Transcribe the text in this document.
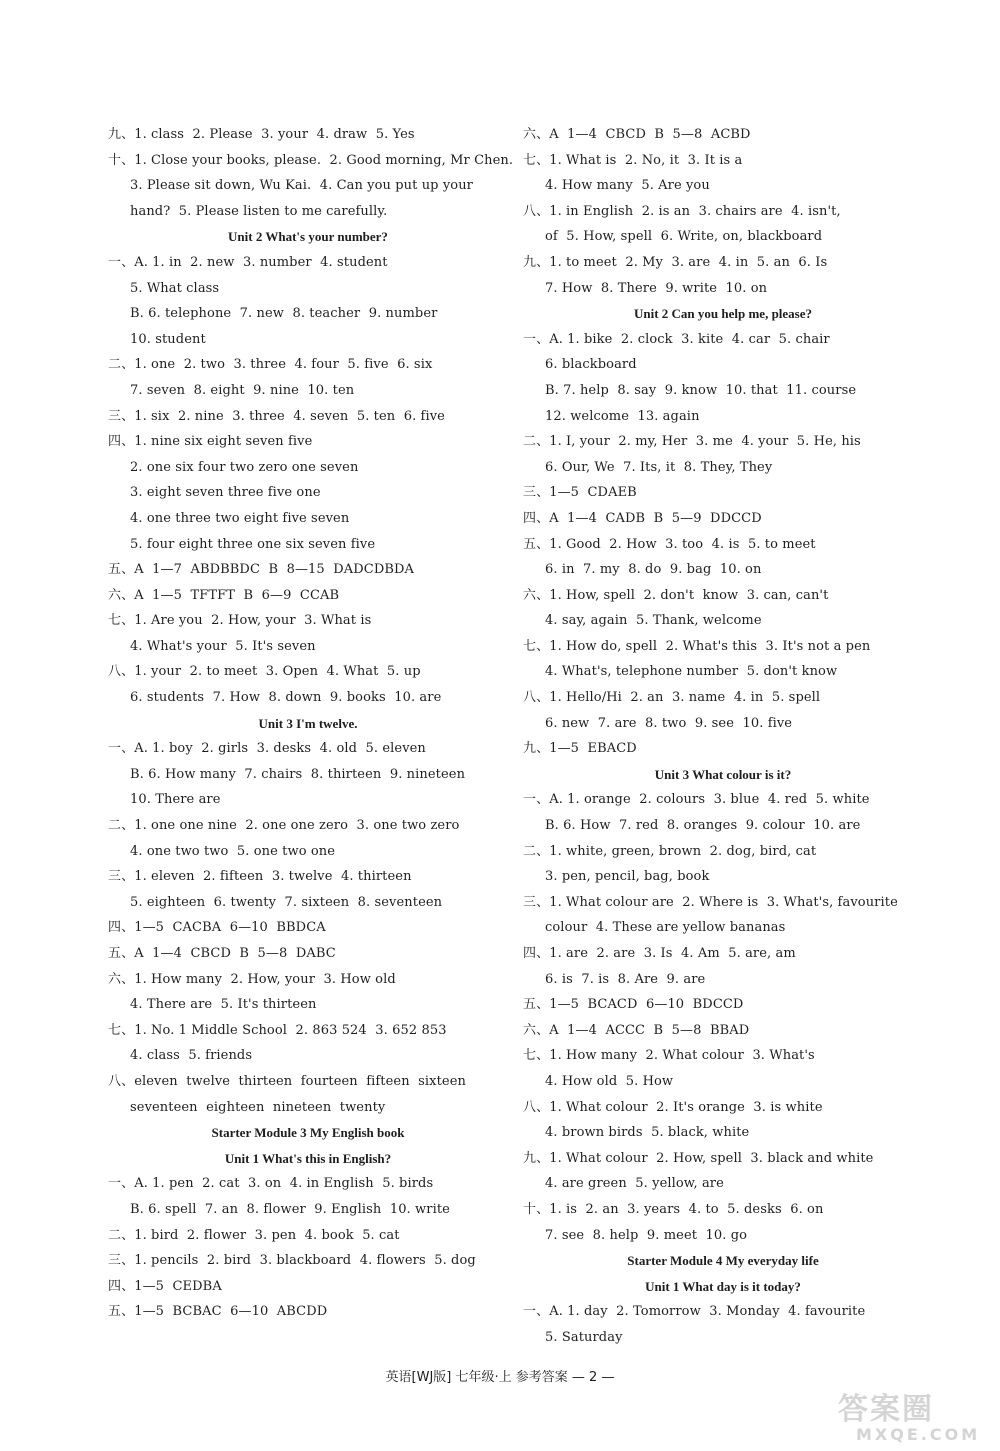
九、1. class  2. Please  3. your  4. draw  5. Yes
十、1. Close your books, please.  2. Good morning, Mr Chen.
3. Please sit down, Wu Kai.  4. Can you put up your
hand?  5. Please listen to me carefully.
Unit 2 What's your number?
一、A. 1. in  2. new  3. number  4. student
5. What class
B. 6. telephone  7. new  8. teacher  9. number
10. student
二、1. one  2. two  3. three  4. four  5. five  6. six
7. seven  8. eight  9. nine  10. ten
三、1. six  2. nine  3. three  4. seven  5. ten  6. five
四、1. nine six eight seven five
2. one six four two zero one seven
3. eight seven three five one
4. one three two eight five seven
5. four eight three one six seven five
五、A  1—7  ABDBBDC  B  8—15  DADCDBDA
六、A  1—5  TFTFT  B  6—9  CCAB
七、1. Are you  2. How, your  3. What is
4. What's your  5. It's seven
八、1. your  2. to meet  3. Open  4. What  5. up
6. students  7. How  8. down  9. books  10. are
Unit 3 I'm twelve.
一、A. 1. boy  2. girls  3. desks  4. old  5. eleven
B. 6. How many  7. chairs  8. thirteen  9. nineteen
10. There are
二、1. one one nine  2. one one zero  3. one two zero
4. one two two  5. one two one
三、1. eleven  2. fifteen  3. twelve  4. thirteen
5. eighteen  6. twenty  7. sixteen  8. seventeen
四、1—5  CACBA  6—10  BBDCA
五、A  1—4  CBCD  B  5—8  DABC
六、1. How many  2. How, your  3. How old
4. There are  5. It's thirteen
七、1. No. 1 Middle School  2. 863 524  3. 652 853
4. class  5. friends
八、eleven  twelve  thirteen  fourteen  fifteen  sixteen
seventeen  eighteen  nineteen  twenty
Starter Module 3 My English book
Unit 1 What's this in English?
一、A. 1. pen  2. cat  3. on  4. in English  5. birds
B. 6. spell  7. an  8. flower  9. English  10. write
二、1. bird  2. flower  3. pen  4. book  5. cat
三、1. pencils  2. bird  3. blackboard  4. flowers  5. dog
四、1—5  CEDBA
五、1—5  BCBAC  6—10  ABCDD
六、A  1—4  CBCD  B  5—8  ACBD
七、1. What is  2. No, it  3. It is a
4. How many  5. Are you
八、1. in English  2. is an  3. chairs are  4. isn't,
of  5. How, spell  6. Write, on, blackboard
九、1. to meet  2. My  3. are  4. in  5. an  6. Is
7. How  8. There  9. write  10. on
Unit 2 Can you help me, please?
一、A. 1. bike  2. clock  3. kite  4. car  5. chair
6. blackboard
B. 7. help  8. say  9. know  10. that  11. course
12. welcome  13. again
二、1. I, your  2. my, Her  3. me  4. your  5. He, his
6. Our, We  7. Its, it  8. They, They
三、1—5  CDAEB
四、A  1—4  CADB  B  5—9  DDCCD
五、1. Good  2. How  3. too  4. is  5. to meet
6. in  7. my  8. do  9. bag  10. on
六、1. How, spell  2. don't  know  3. can, can't
4. say, again  5. Thank, welcome
七、1. How do, spell  2. What's this  3. It's not a pen
4. What's, telephone number  5. don't know
八、1. Hello/Hi  2. an  3. name  4. in  5. spell
6. new  7. are  8. two  9. see  10. five
九、1—5  EBACD
Unit 3 What colour is it?
一、A. 1. orange  2. colours  3. blue  4. red  5. white
B. 6. How  7. red  8. oranges  9. colour  10. are
二、1. white, green, brown  2. dog, bird, cat
3. pen, pencil, bag, book
三、1. What colour are  2. Where is  3. What's, favourite
colour  4. These are yellow bananas
四、1. are  2. are  3. Is  4. Am  5. are, am
6. is  7. is  8. Are  9. are
五、1—5  BCACD  6—10  BDCCD
六、A  1—4  ACCC  B  5—8  BBAD
七、1. How many  2. What colour  3. What's
4. How old  5. How
八、1. What colour  2. It's orange  3. is white
4. brown birds  5. black, white
九、1. What colour  2. How, spell  3. black and white
4. are green  5. yellow, are
十、1. is  2. an  3. years  4. to  5. desks  6. on
7. see  8. help  9. meet  10. go
Starter Module 4 My everyday life
Unit 1 What day is it today?
一、A. 1. day  2. Tomorrow  3. Monday  4. favourite
5. Saturday
英语[WJ版] 七年级·上 参考答案 — 2 —
答案圈
MXQE.COM
